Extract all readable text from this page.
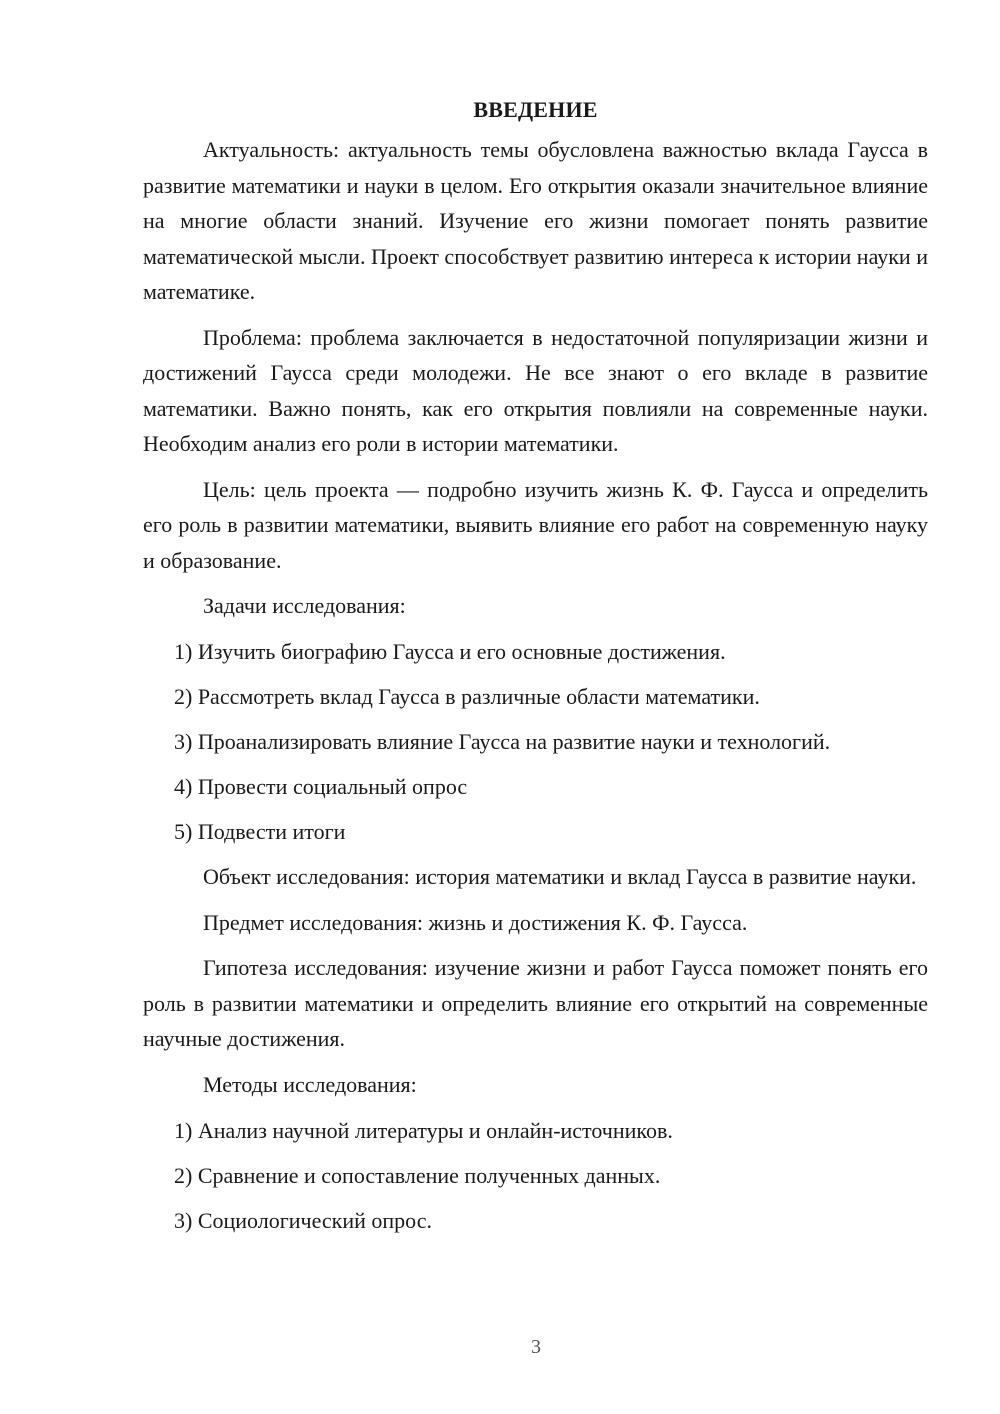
ВВЕДЕНИЕ

Актуальность: актуальность темы обусловлена важностью вклада Гаусса в развитие математики и науки в целом. Его открытия оказали значительное влияние на многие области знаний. Изучение его жизни помогает понять развитие математической мысли. Проект способствует развитию интереса к истории науки и математике.

Проблема: проблема заключается в недостаточной популяризации жизни и достижений Гаусса среди молодежи. Не все знают о его вкладе в развитие математики. Важно понять, как его открытия повлияли на современные науки. Необходим анализ его роли в истории математики.

Цель: цель проекта — подробно изучить жизнь К. Ф. Гаусса и определить его роль в развитии математики, выявить влияние его работ на современную науку и образование.

Задачи исследования:
1) Изучить биографию Гаусса и его основные достижения.
2) Рассмотреть вклад Гаусса в различные области математики.
3) Проанализировать влияние Гаусса на развитие науки и технологий.
4) Провести социальный опрос
5) Подвести итоги

Объект исследования: история математики и вклад Гаусса в развитие науки.

Предмет исследования: жизнь и достижения К. Ф. Гаусса.

Гипотеза исследования: изучение жизни и работ Гаусса поможет понять его роль в развитии математики и определить влияние его открытий на современные научные достижения.

Методы исследования:
1) Анализ научной литературы и онлайн-источников.
2) Сравнение и сопоставление полученных данных.
3) Социологический опрос.
3
